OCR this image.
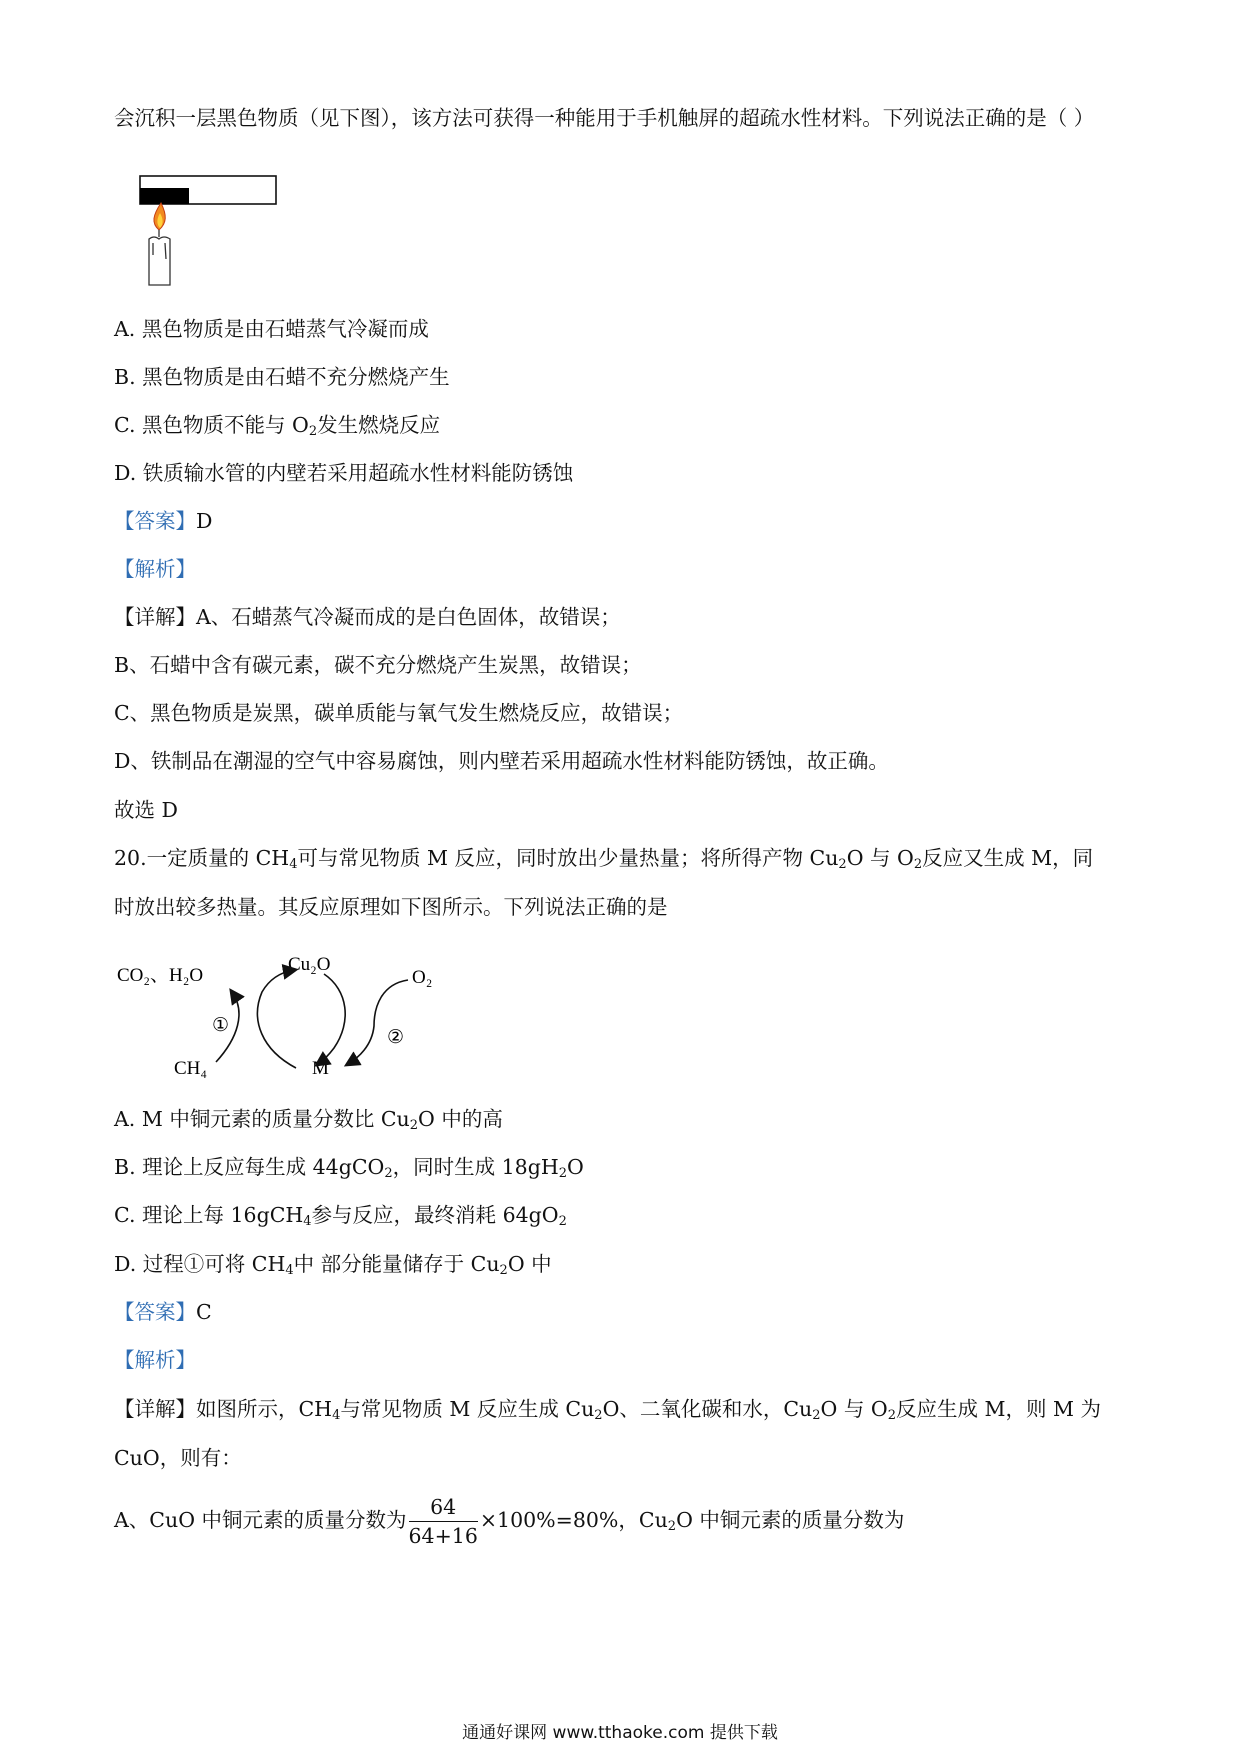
会沉积一层黑色物质（见下图），该方法可获得一种能用于手机触屏的超疏水性材料。下列说法正确的是（ ）
A. 黑色物质是由石蜡蒸气冷凝而成
B. 黑色物质是由石蜡不充分燃烧产生
C. 黑色物质不能与 $O_2$发生燃烧反应
D. 铁质输水管的内壁若采用超疏水性材料能防锈蚀
【答案】D
【解析】
【详解】A、石蜡蒸气冷凝而成的是白色固体，故错误；
B、石蜡中含有碳元素，碳不充分燃烧产生炭黑，故错误；
C、黑色物质是炭黑，碳单质能与氧气发生燃烧反应，故错误；
D、铁制品在潮湿的空气中容易腐蚀，则内壁若采用超疏水性材料能防锈蚀，故正确。
故选 D
20.一定质量的 $CH_4$可与常见物质 M 反应，同时放出少量热量；将所得产物 $Cu_2O$ 与 $O_2$反应又生成 M，同
时放出较多热量。其反应原理如下图所示。下列说法正确的是
CO₂、H₂O
Cu₂O
O₂
CH₄	M
①
②
A. M 中铜元素的质量分数比 $Cu_2O$ 中的高
B. 理论上反应每生成 44gCO$_2$，同时生成 $18gH_2O$
C. 理论上每 16gCH$_4$参与反应，最终消耗 $64gO_2$
D. 过程①可将 $CH_4$中 部分能量储存于 $Cu_2O$ 中
【答案】C
【解析】
【详解】如图所示，$CH_4$与常见物质 M 反应生成 $Cu_2O$、二氧化碳和水，$Cu_2O$ 与 $O_2$反应生成 M，则 M 为
CuO，则有：
A、CuO 中铜元素的质量分数为 $\frac{64}{64+16} \times 100\%=80\%$，$Cu_2O$ 中铜元素的质量分数为
通通好课网 www.tthaoke.com 提供下载
